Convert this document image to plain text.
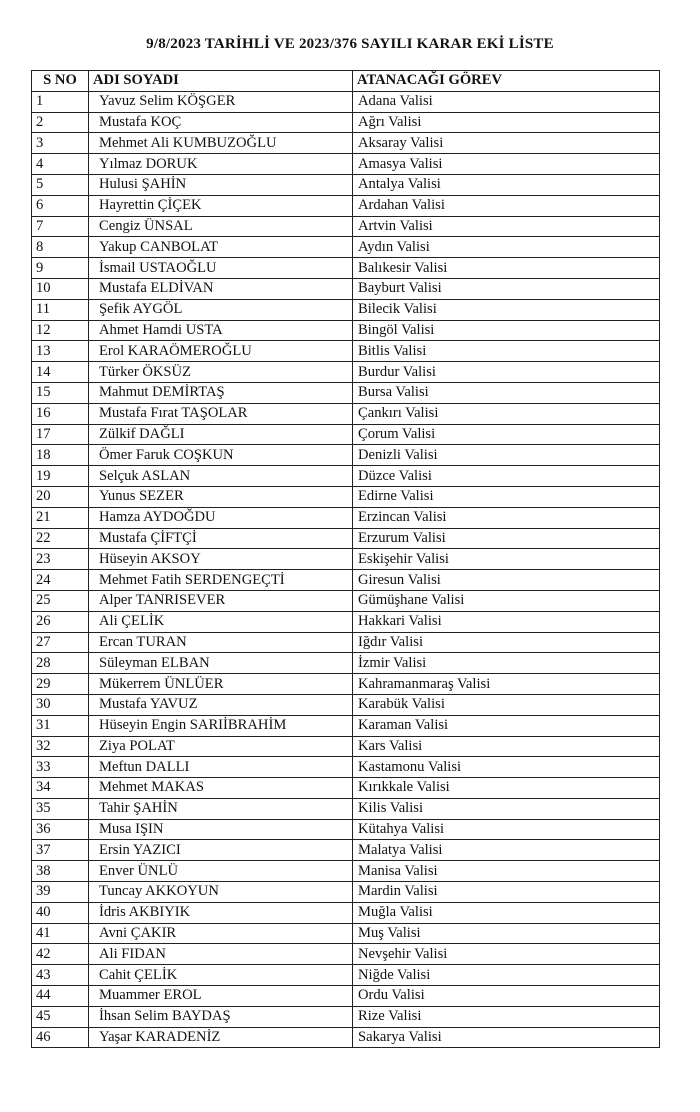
9/8/2023 TARİHLİ VE 2023/376 SAYILI KARAR EKİ LİSTE
S NO	ADI SOYADI	ATANACAĞI GÖREV
1	Yavuz Selim KÖŞGER	Adana Valisi
2	Mustafa KOÇ	Ağrı Valisi
3	Mehmet Ali KUMBUZOĞLU	Aksaray Valisi
4	Yılmaz DORUK	Amasya Valisi
5	Hulusi ŞAHİN	Antalya Valisi
6	Hayrettin ÇİÇEK	Ardahan Valisi
7	Cengiz ÜNSAL	Artvin Valisi
8	Yakup CANBOLAT	Aydın Valisi
9	İsmail USTAOĞLU	Balıkesir Valisi
10	Mustafa ELDİVAN	Bayburt Valisi
11	Şefik AYGÖL	Bilecik Valisi
12	Ahmet Hamdi USTA	Bingöl Valisi
13	Erol KARAÖMEROĞLU	Bitlis Valisi
14	Türker ÖKSÜZ	Burdur Valisi
15	Mahmut DEMİRTAŞ	Bursa Valisi
16	Mustafa Fırat TAŞOLAR	Çankırı Valisi
17	Zülkif DAĞLI	Çorum Valisi
18	Ömer Faruk COŞKUN	Denizli Valisi
19	Selçuk ASLAN	Düzce Valisi
20	Yunus SEZER	Edirne Valisi
21	Hamza AYDOĞDU	Erzincan Valisi
22	Mustafa ÇİFTÇİ	Erzurum Valisi
23	Hüseyin AKSOY	Eskişehir Valisi
24	Mehmet Fatih SERDENGEÇTİ	Giresun Valisi
25	Alper TANRISEVER	Gümüşhane Valisi
26	Ali ÇELİK	Hakkari Valisi
27	Ercan TURAN	Iğdır Valisi
28	Süleyman ELBAN	İzmir Valisi
29	Mükerrem ÜNLÜER	Kahramanmaraş Valisi
30	Mustafa YAVUZ	Karabük Valisi
31	Hüseyin Engin SARIİBRAHİM	Karaman Valisi
32	Ziya POLAT	Kars Valisi
33	Meftun DALLI	Kastamonu Valisi
34	Mehmet MAKAS	Kırıkkale Valisi
35	Tahir ŞAHİN	Kilis Valisi
36	Musa IŞIN	Kütahya Valisi
37	Ersin YAZICI	Malatya Valisi
38	Enver ÜNLÜ	Manisa Valisi
39	Tuncay AKKOYUN	Mardin Valisi
40	İdris AKBIYIK	Muğla Valisi
41	Avni ÇAKIR	Muş Valisi
42	Ali FIDAN	Nevşehir Valisi
43	Cahit ÇELİK	Niğde Valisi
44	Muammer EROL	Ordu Valisi
45	İhsan Selim BAYDAŞ	Rize Valisi
46	Yaşar KARADENİZ	Sakarya Valisi
